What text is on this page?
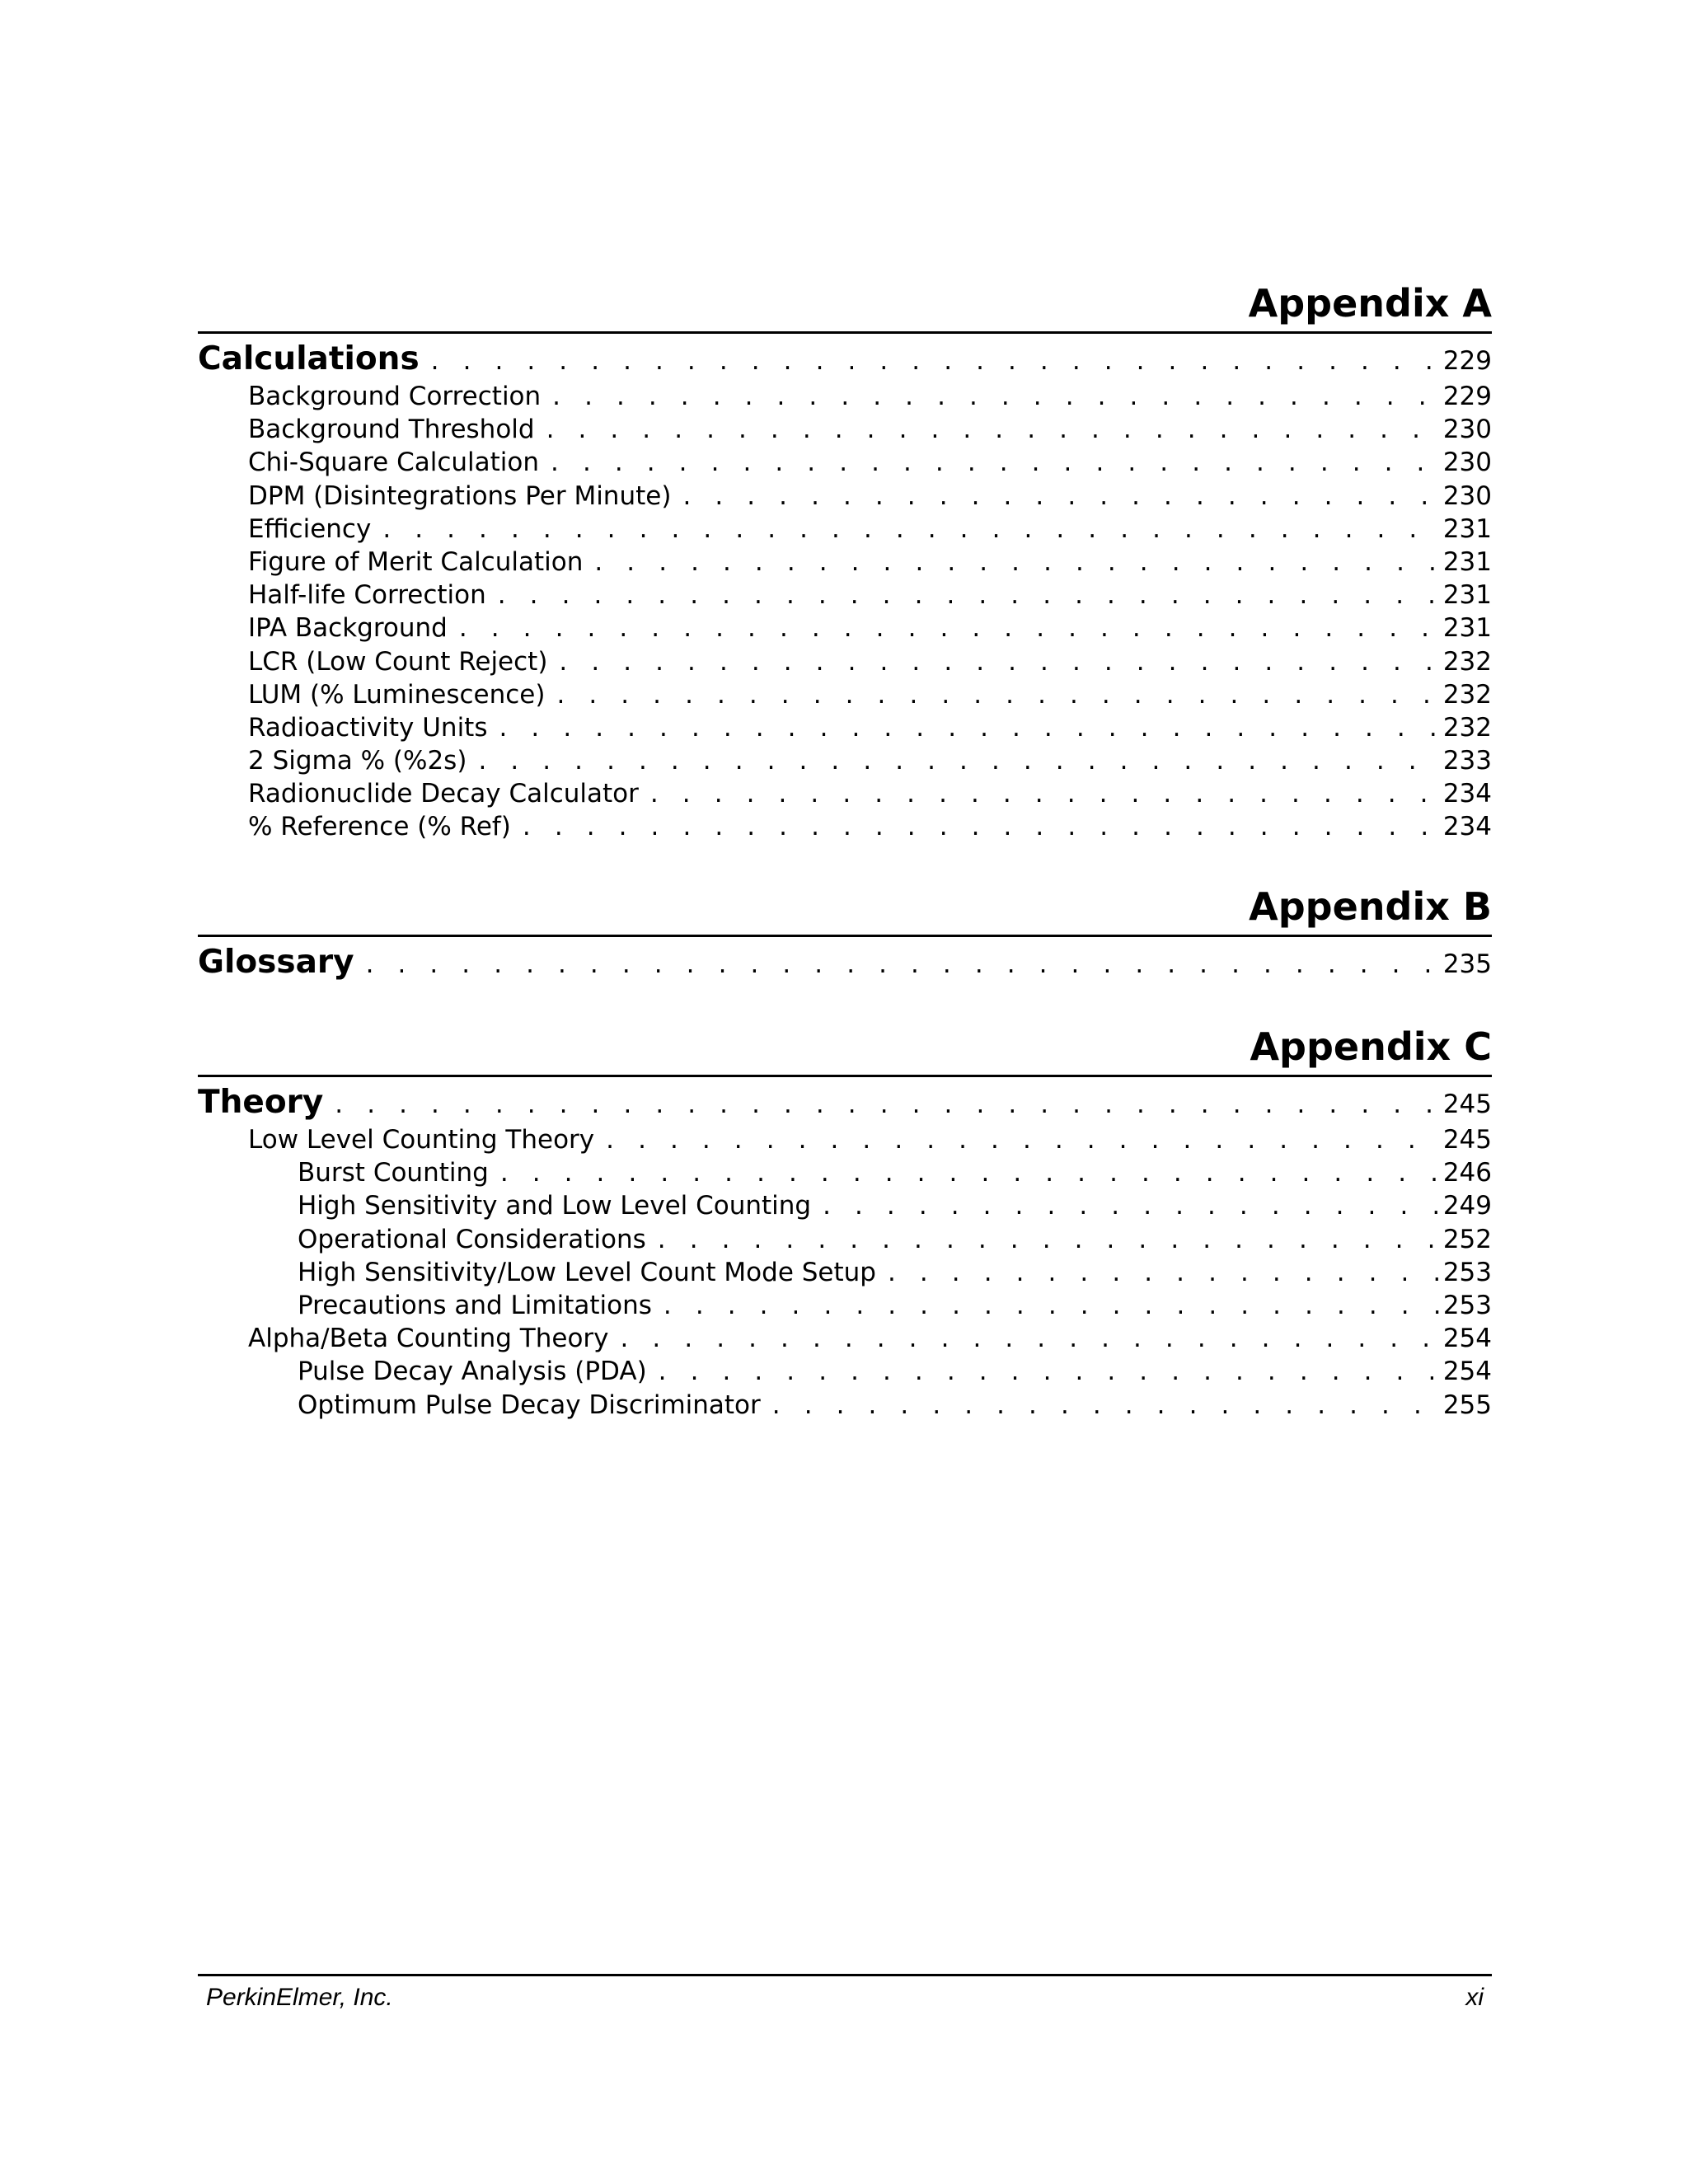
Appendix A
Calculations . . .	229
Background Correction . . .	229
Background Threshold . . .	230
Chi-Square Calculation . . .	230
DPM (Disintegrations Per Minute) . . .	230
Efficiency . . .	231
Figure of Merit Calculation . . .	231
Half-life Correction . . .	231
IPA Background . . .	231
LCR (Low Count Reject) . . .	232
LUM (% Luminescence) . . .	232
Radioactivity Units . . .	232
2 Sigma % (%2s) . . .	233
Radionuclide Decay Calculator . . .	234
% Reference (% Ref) . . .	234
Appendix B
Glossary . . .	235
Appendix C
Theory . . .	245
Low Level Counting Theory . . .	245
Burst Counting . . .	246
High Sensitivity and Low Level Counting . . .	249
Operational Considerations . . .	252
High Sensitivity/Low Level Count Mode Setup . . .	253
Precautions and Limitations . . .	253
Alpha/Beta Counting Theory . . .	254
Pulse Decay Analysis (PDA) . . .	254
Optimum Pulse Decay Discriminator . . .	255
PerkinElmer, Inc.	xi
